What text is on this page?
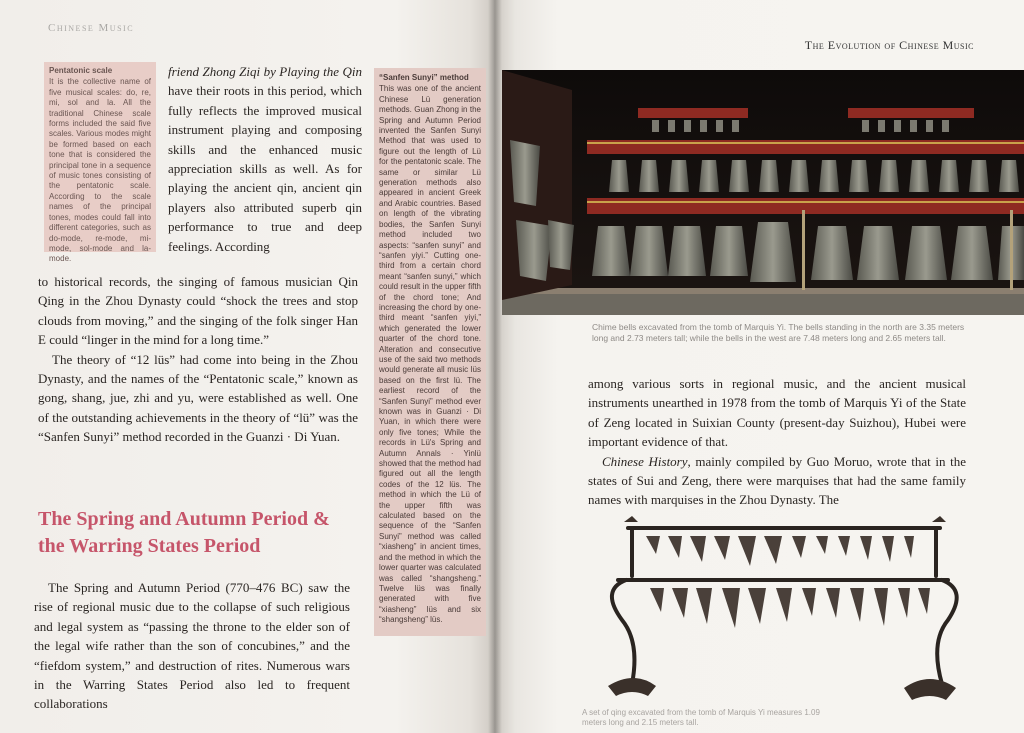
Chinese Music
Pentatonic scale
It is the collective name of five musical scales: do, re, mi, sol and la. All the traditional Chinese scale forms included the said five scales. Various modes might be formed based on each tone that is considered the principal tone in a sequence of music tones consisting of the pentatonic scale. According to the scale names of the principal tones, modes could fall into different categories, such as do-mode, re-mode, mi-mode, sol-mode and la-mode.
friend Zhong Ziqi by Playing the Qin have their roots in this period, which fully reflects the improved musical instrument playing and composing skills and the enhanced music appreciation skills as well. As for playing the ancient qin, ancient qin players also attributed superb qin performance to true and deep feelings. According

to historical records, the singing of famous musician Qin Qing in the Zhou Dynasty could “shock the trees and stop clouds from moving,” and the singing of the folk singer Han E could “linger in the mind for a long time.”

The theory of “12 lüs” had come into being in the Zhou Dynasty, and the names of the “Pentatonic scale,” known as gong, shang, jue, zhi and yu, were established as well. One of the outstanding achievements in the theory of “lü” was the “Sanfen Sunyi” method recorded in the Guanzi · Di Yuan.

The Spring and Autumn Period & the Warring States Period

The Spring and Autumn Period (770–476 BC) saw the rise of regional music due to the collapse of such religious and legal system as “passing the throne to the elder son of the legal wife rather than the son of concubines,” and the “fiefdom system,” and destruction of rites. Numerous wars in the Warring States Period also led to frequent collaborations

“Sanfen Sunyi” method
This was one of the ancient Chinese Lü generation methods. Guan Zhong in the Spring and Autumn Period invented the Sanfen Sunyi Method that was used to figure out the length of Lü for the pentatonic scale. The same or similar Lü generation methods also appeared in ancient Greek and Arabic countries. Based on length of the vibrating bodies, the Sanfen Sunyi method included two aspects: “sanfen sunyi” and “sanfen yiyi.” Cutting one-third from a certain chord meant “sanfen sunyi,” which could result in the upper fifth of the chord tone; And increasing the chord by one-third meant “sanfen yiyi,” which generated the lower quarter of the chord tone. Alteration and consecutive use of the said two methods would generate all music lüs based on the first lü. The earliest record of the “Sanfen Sunyi” method ever known was in Guanzi · Di Yuan, in which there were only five tones; While the records in Lü's Spring and Autumn Annals · Yinlü showed that the method had figured out all the length codes of the 12 lüs. The method in which the Lü of the upper fifth was calculated based on the sequence of the “Sanfen Sunyi” method was called “xiasheng” in ancient times, and the method in which the lower quarter was calculated was called “shangsheng.” Twelve lüs was finally generated with five “xiasheng” lüs and six “shangsheng” lüs.
The Evolution of Chinese Music
Chime bells excavated from the tomb of Marquis Yi. The bells standing in the north are 3.35 meters long and 2.73 meters tall; while the bells in the west are 7.48 meters long and 2.65 meters tall.

among various sorts in regional music, and the ancient musical instruments unearthed in 1978 from the tomb of Marquis Yi of the State of Zeng located in Suixian County (present-day Suizhou), Hubei were important evidence of that.

Chinese History, mainly compiled by Guo Moruo, wrote that in the states of Sui and Zeng, there were marquises that had the same family names with marquises in the Zhou Dynasty. The

A set of qing excavated from the tomb of Marquis Yi measures 1.09 meters long and 2.15 meters tall.
